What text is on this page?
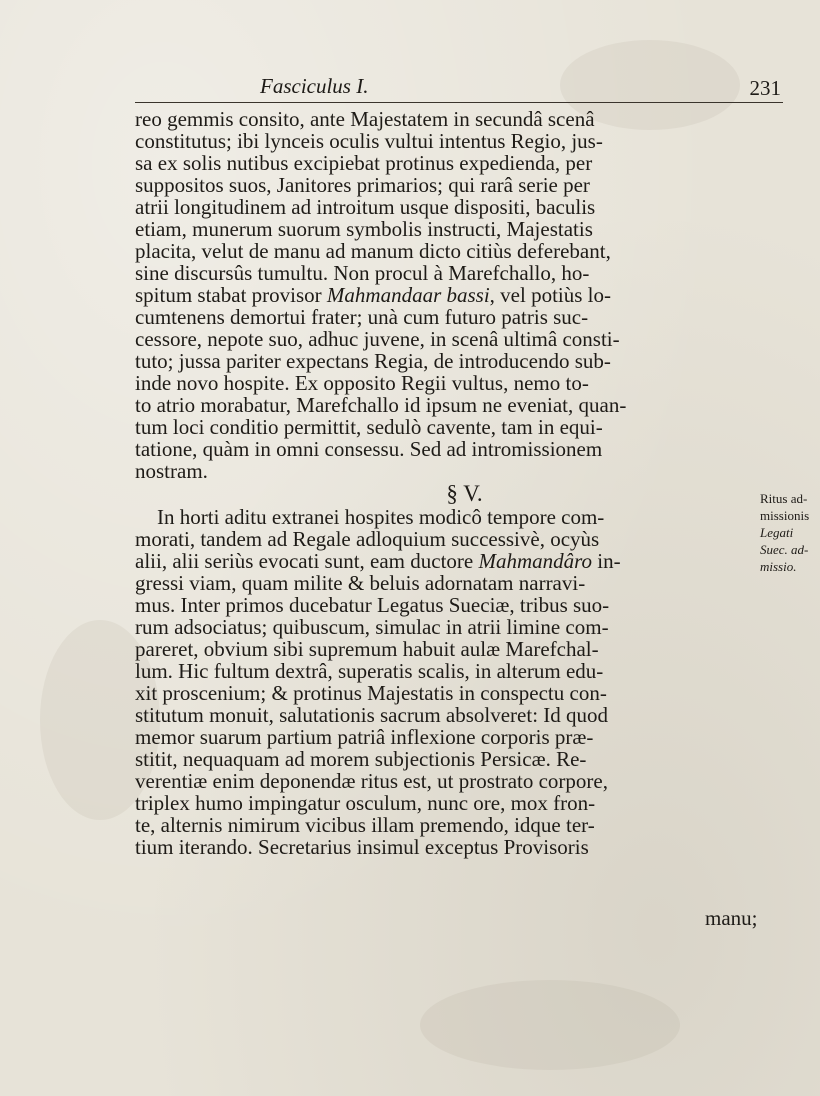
Fasciculus I.	231
reo gemmis consito, ante Majestatem in secundâ scenâ
constitutus; ibi lynceis oculis vultui intentus Regio, jus-
sa ex solis nutibus excipiebat protinus expedienda, per
suppositos suos, Janitores primarios; qui rarâ serie per
atrii longitudinem ad introitum usque dispositi, baculis
etiam, munerum suorum symbolis instructi, Majestatis
placita, velut de manu ad manum dicto citiùs deferebant,
sine discursûs tumultu. Non procul à Marefchallo, ho-
spitum stabat provisor Mahmandaar bassi, vel potiùs lo-
cumtenens demortui frater; unà cum futuro patris suc-
cessore, nepote suo, adhuc juvene, in scenâ ultimâ consti-
tuto; jussa pariter expectans Regia, de introducendo sub-
inde novo hospite. Ex opposito Regii vultus, nemo to-
to atrio morabatur, Marefchallo id ipsum ne eveniat, quan-
tum loci conditio permittit, sedulò cavente, tam in equi-
tatione, quàm in omni consessu. Sed ad intromissionem
nostram.
§ V.
In horti aditu extranei hospites modicô tempore com-
morati, tandem ad Regale adloquium successivè, ocyùs
alii, alii seriùs evocati sunt, eam ductore Mahmandâro in-
gressi viam, quam milite & beluis adornatam narravi-
mus. Inter primos ducebatur Legatus Sueciæ, tribus suo-
rum adsociatus; quibuscum, simulac in atrii limine com-
pareret, obvium sibi supremum habuit aulæ Marefchal-
lum. Hic fultum dextrâ, superatis scalis, in alterum edu-
xit proscenium; & protinus Majestatis in conspectu con-
stitutum monuit, salutationis sacrum absolveret: Id quod
memor suarum partium patriâ inflexione corporis præ-
stitit, nequaquam ad morem subjectionis Persicæ. Re-
verentiæ enim deponendæ ritus est, ut prostrato corpore,
triplex humo impingatur osculum, nunc ore, mox fron-
te, alternis nimirum vicibus illam premendo, idque ter-
tium iterando. Secretarius insimul exceptus Provisoris
Ritus ad-
missionis
Legati
Suec. ad-
missio.
manu;
